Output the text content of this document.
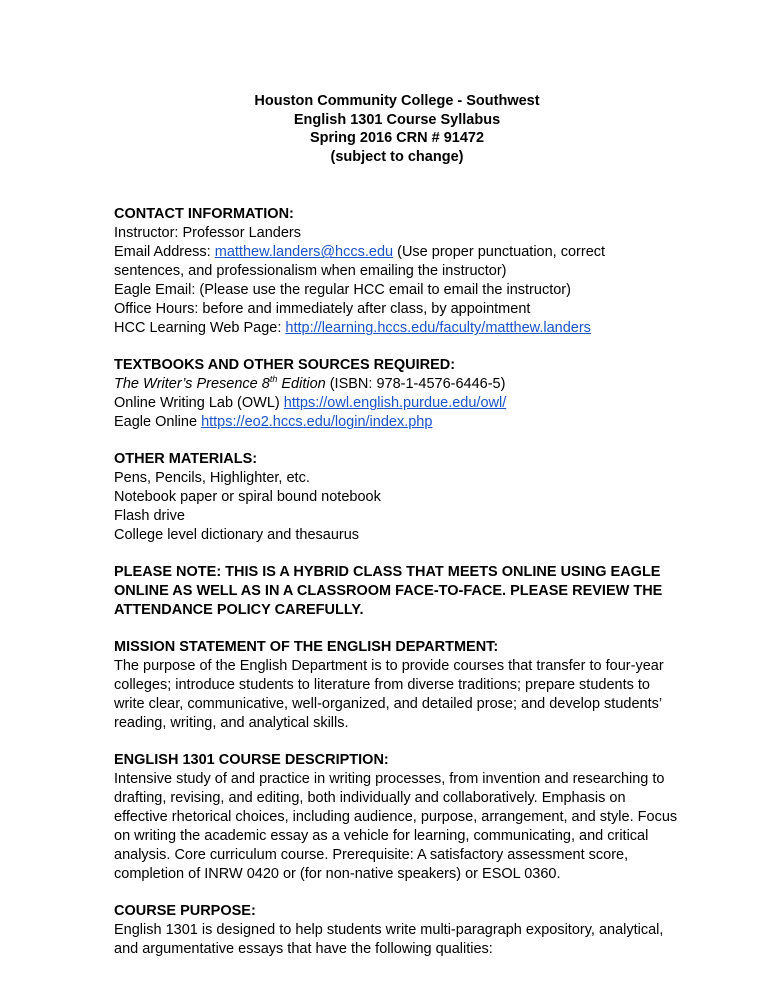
Houston Community College - Southwest
English 1301 Course Syllabus
Spring 2016 CRN # 91472
(subject to change)
CONTACT INFORMATION:
Instructor: Professor Landers
Email Address: matthew.landers@hccs.edu (Use proper punctuation, correct
sentences, and professionalism when emailing the instructor)
Eagle Email: (Please use the regular HCC email to email the instructor)
Office Hours: before and immediately after class, by appointment
HCC Learning Web Page: http://learning.hccs.edu/faculty/matthew.landers
TEXTBOOKS AND OTHER SOURCES REQUIRED:
The Writer’s Presence 8th Edition (ISBN: 978-1-4576-6446-5)
Online Writing Lab (OWL) https://owl.english.purdue.edu/owl/
Eagle Online https://eo2.hccs.edu/login/index.php
OTHER MATERIALS:
Pens, Pencils, Highlighter, etc.
Notebook paper or spiral bound notebook
Flash drive
College level dictionary and thesaurus
PLEASE NOTE: THIS IS A HYBRID CLASS THAT MEETS ONLINE USING EAGLE
ONLINE AS WELL AS IN A CLASSROOM FACE-TO-FACE. PLEASE REVIEW THE
ATTENDANCE POLICY CAREFULLY.
MISSION STATEMENT OF THE ENGLISH DEPARTMENT:
The purpose of the English Department is to provide courses that transfer to four-year
colleges; introduce students to literature from diverse traditions; prepare students to
write clear, communicative, well-organized, and detailed prose; and develop students’
reading, writing, and analytical skills.
ENGLISH 1301 COURSE DESCRIPTION:
Intensive study of and practice in writing processes, from invention and researching to
drafting, revising, and editing, both individually and collaboratively. Emphasis on
effective rhetorical choices, including audience, purpose, arrangement, and style. Focus
on writing the academic essay as a vehicle for learning, communicating, and critical
analysis. Core curriculum course. Prerequisite: A satisfactory assessment score,
completion of INRW 0420 or (for non-native speakers) or ESOL 0360.
COURSE PURPOSE:
English 1301 is designed to help students write multi-paragraph expository, analytical,
and argumentative essays that have the following qualities:
